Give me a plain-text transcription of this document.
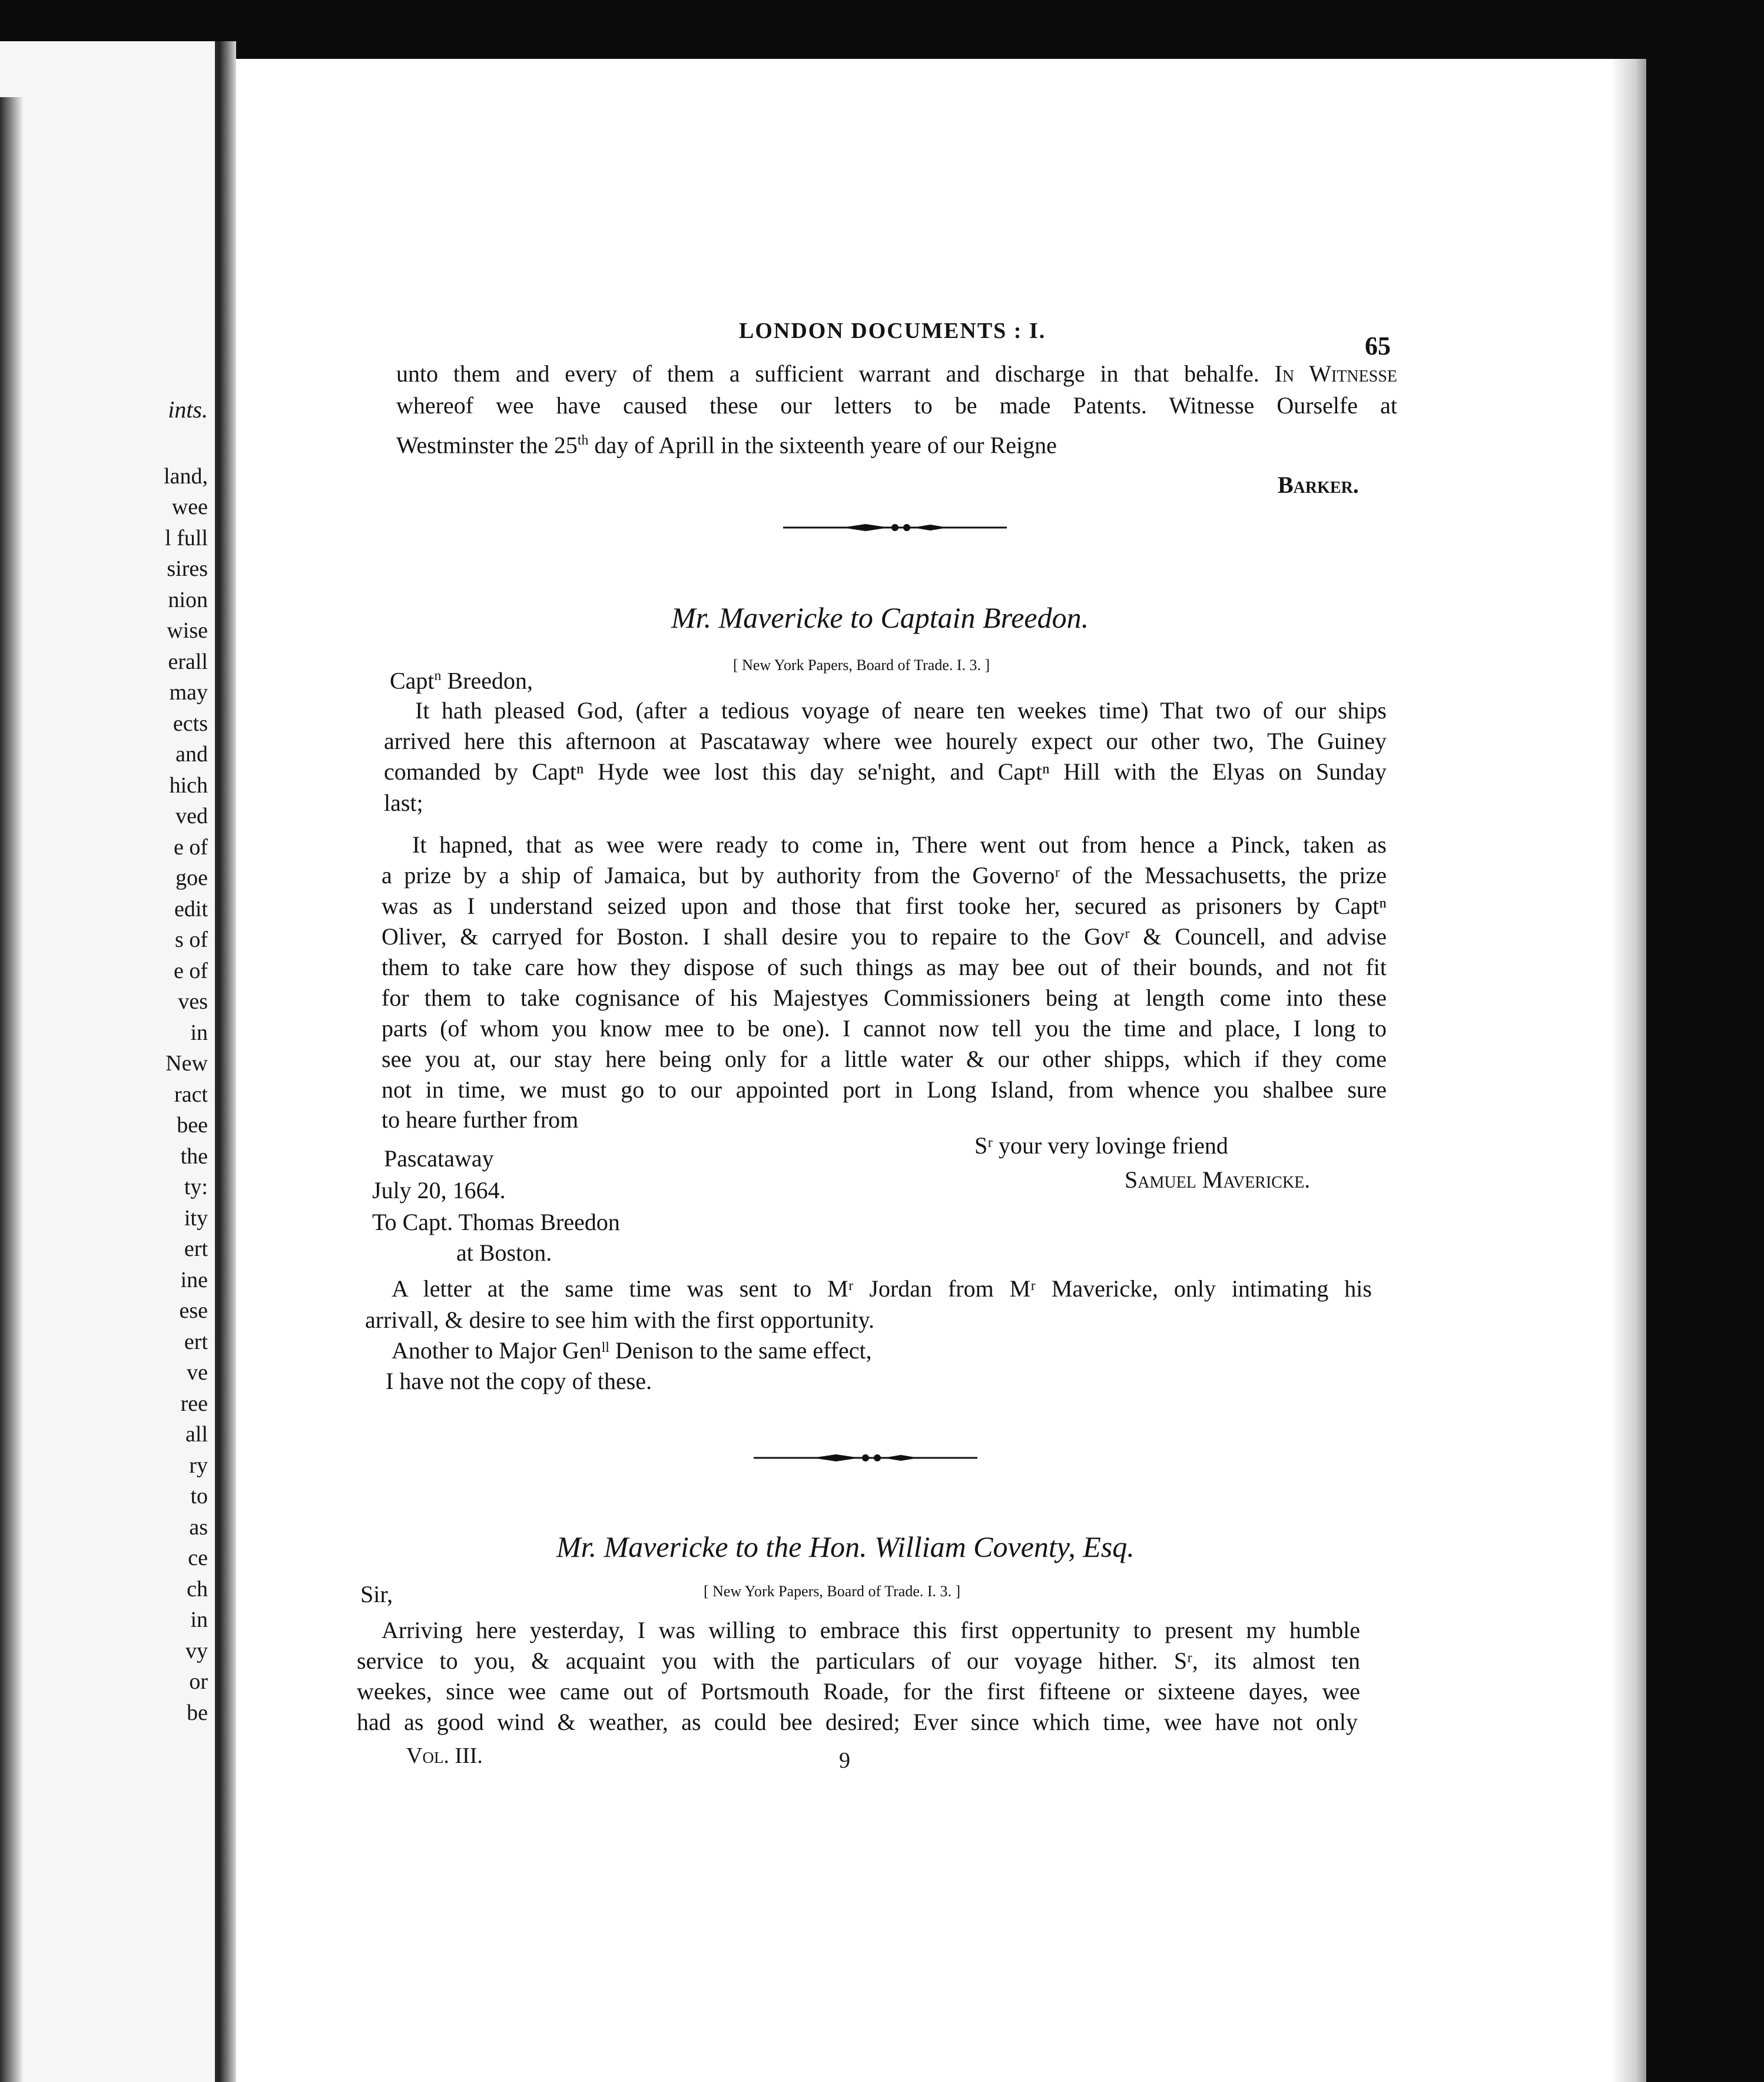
ints.
land,
wee
l full
sires
nion
wise
erall
may
ects
and
hich
ved
e of
goe
edit
s of
e of
ves
in
New
ract
bee
the
ty:
ity
ert
ine
ese
ert
ve
ree
all
ry
to
as
ce
ch
in
vy
or
be
LONDON DOCUMENTS : I.
65
unto them and every of them a sufficient warrant and discharge in that behalfe. In Witnesse
whereof wee have caused these our letters to be made Patents. Witnesse Ourselfe at
Westminster the 25th day of Aprill in the sixteenth yeare of our Reigne
Barker.
Mr. Mavericke to Captain Breedon.
[ New York Papers, Board of Trade. I. 3. ]
Capt$^n$ Breedon,
It hath pleased God, (after a tedious voyage of neare ten weekes time) That two of our ships
arrived here this afternoon at Pascataway where wee hourely expect our other two, The Guiney
comanded by Captⁿ Hyde wee lost this day se'night, and Captⁿ Hill with the Elyas on Sunday
last;
It hapned, that as wee were ready to come in, There went out from hence a Pinck, taken as
a prize by a ship of Jamaica, but by authority from the Governoʳ of the Messachusetts, the prize
was as I understand seized upon and those that first tooke her, secured as prisoners by Captⁿ
Oliver, & carryed for Boston. I shall desire you to repaire to the Govʳ & Councell, and advise
them to take care how they dispose of such things as may bee out of their bounds, and not fit
for them to take cognisance of his Majestyes Commissioners being at length come into these
parts (of whom you know mee to be one). I cannot now tell you the time and place, I long to
see you at, our stay here being only for a little water & our other shipps, which if they come
not in time, we must go to our appointed port in Long Island, from whence you shalbee sure
to heare further from
Sʳ your very lovinge friend
Samuel Mavericke.
Pascataway
July 20, 1664.
To Capt. Thomas Breedon
at Boston.
A letter at the same time was sent to Mʳ Jordan from Mʳ Mavericke, only intimating his
arrivall, & desire to see him with the first opportunity.
Another to Major Genˡˡ Denison to the same effect,
I have not the copy of these.
Mr. Mavericke to the Hon. William Coventy, Esq.
[ New York Papers, Board of Trade. I. 3. ]
Sir,
Arriving here yesterday, I was willing to embrace this first oppertunity to present my humble
service to you, & acquaint you with the particulars of our voyage hither. Sʳ, its almost ten
weekes, since wee came out of Portsmouth Roade, for the first fifteene or sixteene dayes, wee
had as good wind & weather, as could bee desired; Ever since which time, wee have not only
Vol. III.	9
